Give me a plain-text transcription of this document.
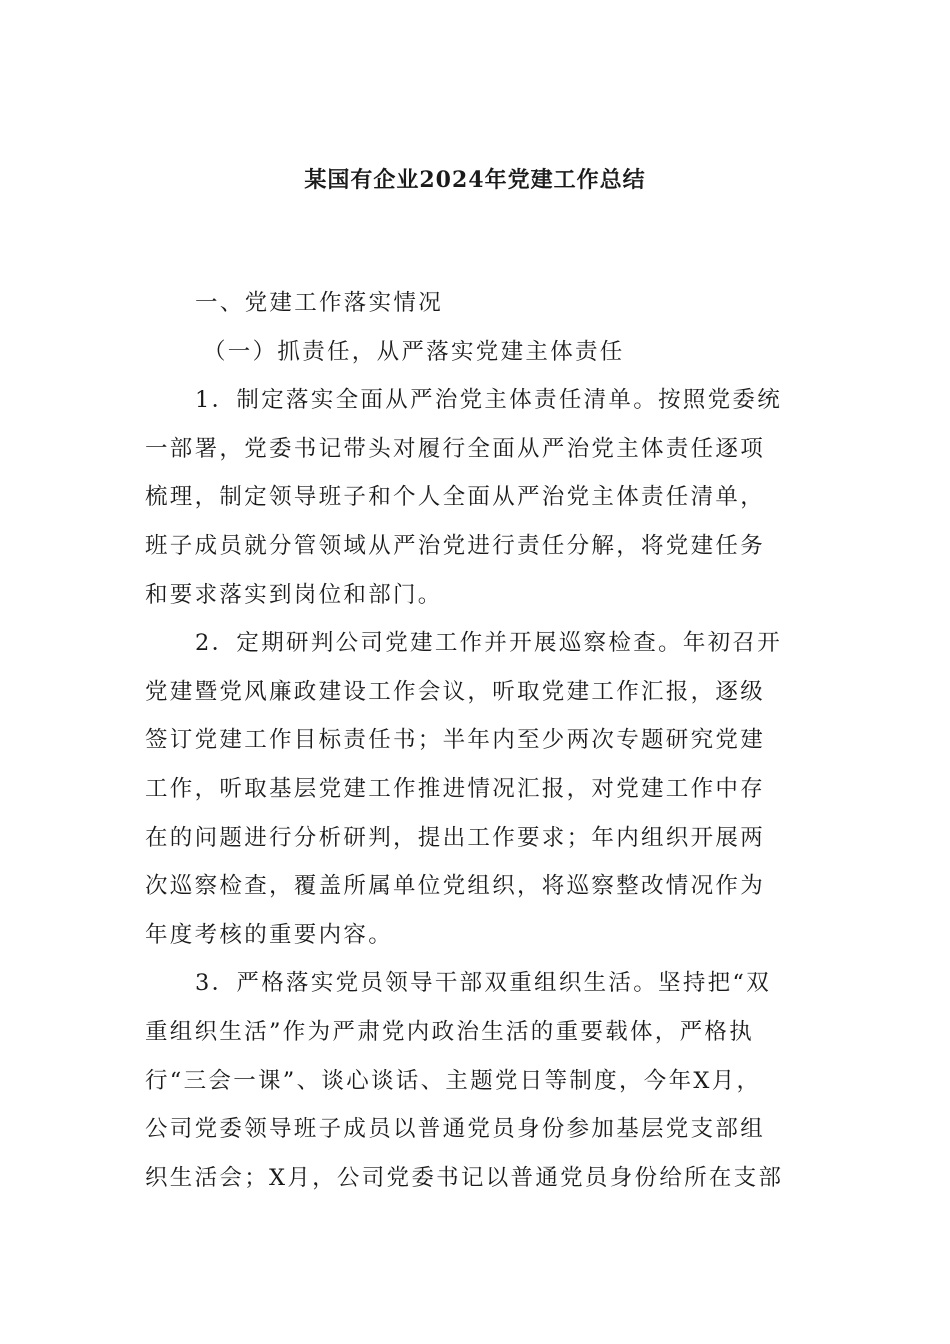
某国有企业2024年党建工作总结
一、党建工作落实情况
（一）抓责任，从严落实党建主体责任
1．制定落实全面从严治党主体责任清单。按照党委统
一部署，党委书记带头对履行全面从严治党主体责任逐项
梳理，制定领导班子和个人全面从严治党主体责任清单，
班子成员就分管领域从严治党进行责任分解，将党建任务
和要求落实到岗位和部门。
2．定期研判公司党建工作并开展巡察检查。年初召开
党建暨党风廉政建设工作会议，听取党建工作汇报，逐级
签订党建工作目标责任书；半年内至少两次专题研究党建
工作，听取基层党建工作推进情况汇报，对党建工作中存
在的问题进行分析研判，提出工作要求；年内组织开展两
次巡察检查，覆盖所属单位党组织，将巡察整改情况作为
年度考核的重要内容。
3．严格落实党员领导干部双重组织生活。坚持把“双
重组织生活”作为严肃党内政治生活的重要载体，严格执
行“三会一课”、谈心谈话、主题党日等制度，今年X月，
公司党委领导班子成员以普通党员身份参加基层党支部组
织生活会；X月，公司党委书记以普通党员身份给所在支部
